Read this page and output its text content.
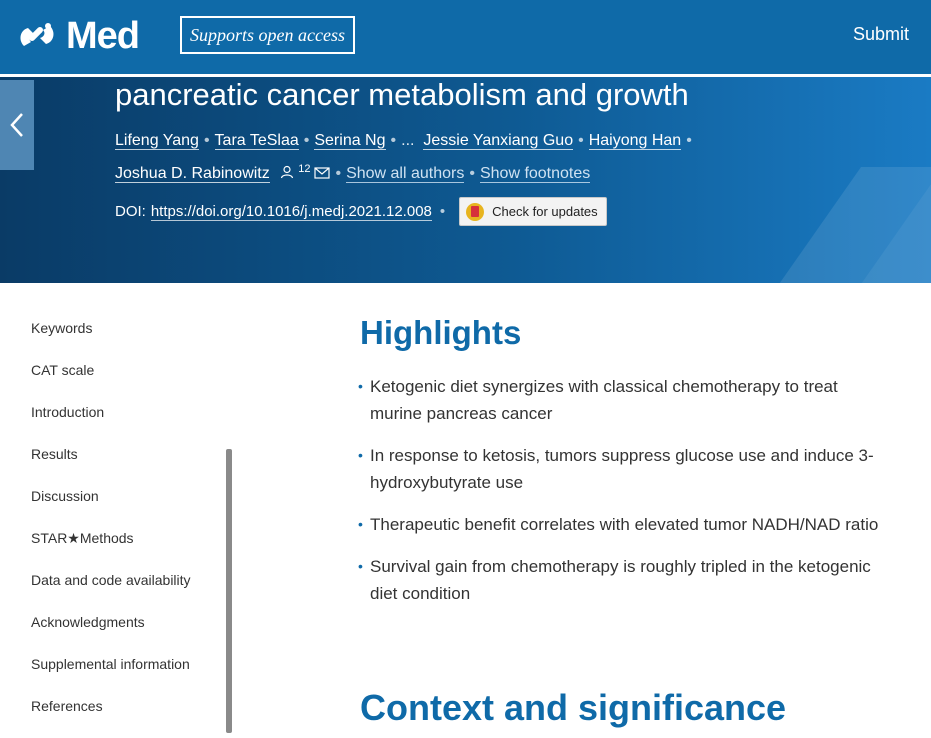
Med	Supports open access	Submit
pancreatic cancer metabolism and growth
Lifeng Yang • Tara TeSlaa • Serina Ng • ... Jessie Yanxiang Guo • Haiyong Han •
Joshua D. Rabinowitz	$^{12}$ • Show all authors • Show footnotes
DOI: https://doi.org/10.1016/j.medj.2021.12.008 •	Check for updates
Keywords
CAT scale
Introduction
Results
Discussion
STAR★Methods
Data and code availability
Acknowledgments
Supplemental information
References
Highlights
• Ketogenic diet synergizes with classical chemotherapy to treat murine pancreas cancer
• In response to ketosis, tumors suppress glucose use and induce 3-hydroxybutyrate use
• Therapeutic benefit correlates with elevated tumor NADH/NAD ratio
• Survival gain from chemotherapy is roughly tripled in the ketogenic diet condition
Context and significance
